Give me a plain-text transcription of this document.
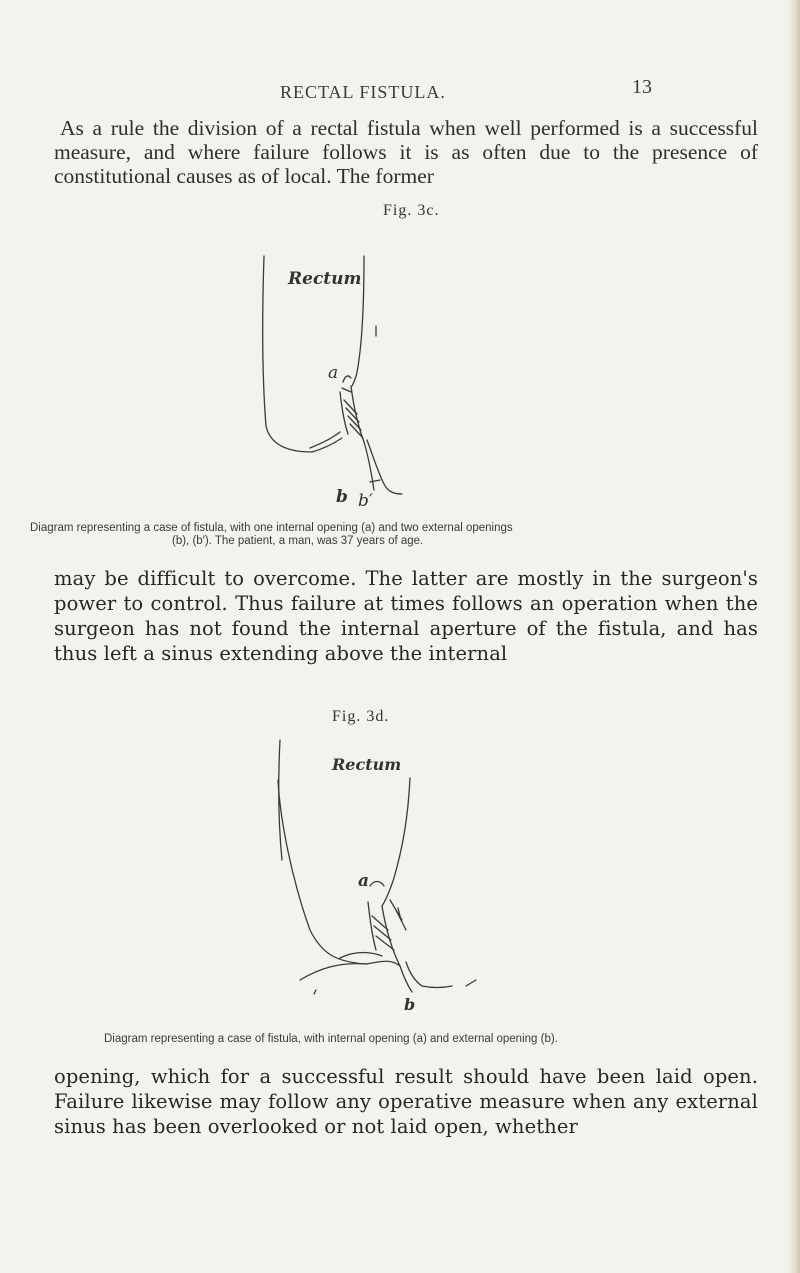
RECTAL FISTULA.	13

As a rule the division of a rectal fistula when well performed is a successful measure, and where failure follows it is as often due to the presence of constitutional causes as of local. The former

Fig. 3c.
Rectum
a
b b′

Diagram representing a case of fistula, with one internal opening (a) and two external openings

(b), (b′). The patient, a man, was 37 years of age.

may be difficult to overcome. The latter are mostly in the surgeon's power to control. Thus failure at times follows an operation when the surgeon has not found the internal aperture of the fistula, and has thus left a sinus extending above the internal

Fig. 3d.
Rectum
a
b

Diagram representing a case of fistula, with internal opening (a) and external opening (b).

opening, which for a successful result should have been laid open. Failure likewise may follow any operative measure when any external sinus has been overlooked or not laid open, whether
